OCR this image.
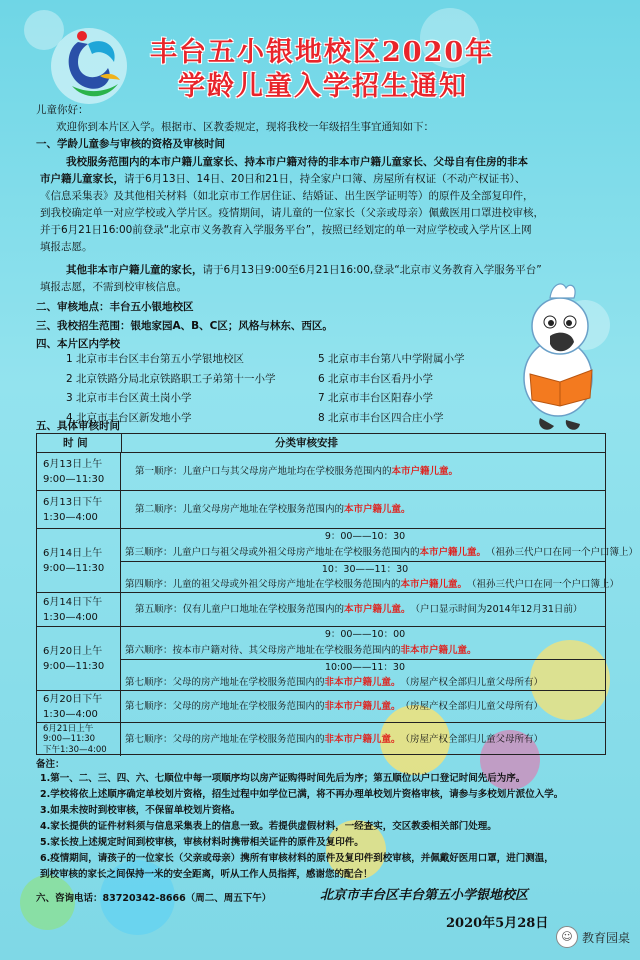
丰台五小银地校区2020年
学龄儿童入学招生通知
儿童你好：
欢迎你到本片区入学。根据市、区教委规定，现将我校一年级招生事宜通知如下：
一、学龄儿童参与审核的资格及审核时间
我校服务范围内的本市户籍儿童家长、持本市户籍对待的非本市户籍儿童家长、父母自有住房的非本
市户籍儿童家长，请于6月13日、14日、20日和21日，持全家户口簿、房屋所有权证（不动产权证书）、
《信息采集表》及其他相关材料（如北京市工作居住证、结婚证、出生医学证明等）的原件及全部复印件，
到我校确定单一对应学校或入学片区。疫情期间，请儿童的一位家长（父亲或母亲）佩戴医用口罩进校审核，
并于6月21日16:00前登录“北京市义务教育入学服务平台”，按照已经划定的单一对应学校或入学片区上网
填报志愿。
其他非本市户籍儿童的家长，请于6月13日9:00至6月21日16:00,登录“北京市义务教育入学服务平台”
填报志愿，不需到校审核信息。
二、审核地点：丰台五小银地校区
三、我校招生范围：银地家园A、B、C区；风格与林东、西区。
四、本片区内学校
1 北京市丰台区丰台第五小学银地校区
2 北京铁路分局北京铁路职工子弟第十一小学
3 北京市丰台区黄土岗小学
4 北京市丰台区新发地小学
5 北京市丰台第八中学附属小学
6 北京市丰台区看丹小学
7 北京市丰台区阳春小学
8 北京市丰台区四合庄小学
五、具体审核时间
时 间	分类审核安排
6月13日上午
9:00—11:30
第一顺序：儿童户口与其父母房产地址均在学校服务范围内的 本市户籍儿童。
6月13日下午
1:30—4:00
第二顺序：儿童父母房产地址在学校服务范围内的 本市户籍儿童。
6月14日上午
9:00—11:30
9：00——10：30
第三顺序：儿童户口与祖父母或外祖父母房产地址在学校服务范围内的 本市户籍儿童。 （祖孙三代户口在同一个户口簿上）
10：30——11：30
第四顺序：儿童的祖父母或外祖父母房产地址在学校服务范围内的 本市户籍儿童。 （祖孙三代户口在同一个户口簿上）
6月14日下午
1:30—4:00
第五顺序：仅有儿童户口地址在学校服务范围内的 本市户籍儿童。 （户口显示时间为2014年12月31日前）
6月20日上午
9:00—11:30
9：00——10：00
第六顺序：按本市户籍对待、其父母房产地址在学校服务范围内的 非本市户籍儿童。
10:00——11：30
第七顺序：父母的房产地址在学校服务范围内的 非本市户籍儿童。 （房屋产权全部归儿童父母所有）
6月20日下午
1:30—4:00
第七顺序：父母的房产地址在学校服务范围内的 非本市户籍儿童。 （房屋产权全部归儿童父母所有）
6月21日上午
9:00—11:30
下午1:30—4:00
第七顺序：父母的房产地址在学校服务范围内的 非本市户籍儿童。 （房屋产权全部归儿童父母所有）
备注：
1.第一、二、三、四、六、七顺位中每一项顺序均以房产证购得时间先后为序；第五顺位以户口登记时间先后为序。
2.学校将依上述顺序确定单校划片资格，招生过程中如学位已满，将不再办理单校划片资格审核，请参与多校划片派位入学。
3.如果未按时到校审核，不保留单校划片资格。
4.家长提供的证件材料须与信息采集表上的信息一致。若提供虚假材料，一经查实，交区教委相关部门处理。
5.家长按上述规定时间到校审核，审核材料时携带相关证件的原件及复印件。
6.疫情期间，请孩子的一位家长（父亲或母亲）携所有审核材料的原件及复印件到校审核，并佩戴好医用口罩，进门测温，
到校审核的家长之间保持一米的安全距离，听从工作人员指挥，感谢您的配合！
六、咨询电话：83720342-8666（周二、周五下午）	北京市丰台区丰台第五小学银地校区
2020年5月28日
☺ 教育园桌
